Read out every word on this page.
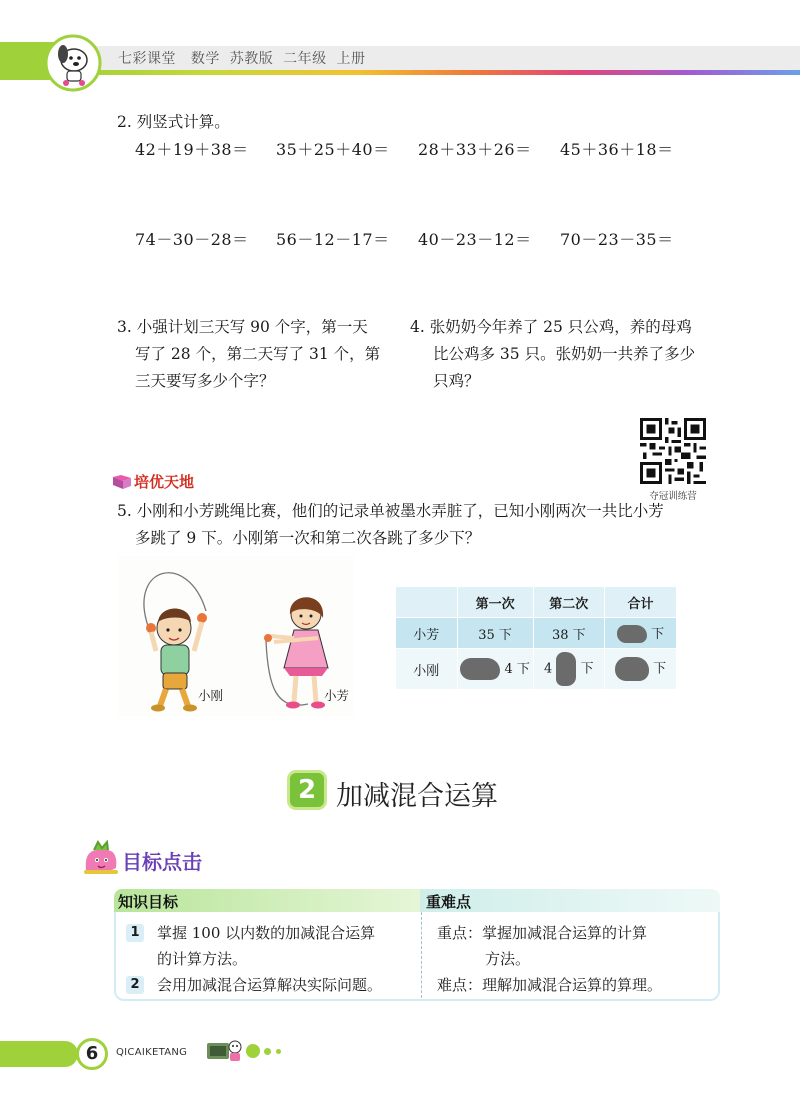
七彩课堂   数学  苏教版  二年级  上册
2. 列竖式计算。
42＋19＋38＝ 35＋25＋40＝ 28＋33＋26＝ 45＋36＋18＝
74－30－28＝ 56－12－17＝ 40－23－12＝ 70－23－35＝
3. 小强计划三天写 90 个字，第一天
写了 28 个，第二天写了 31 个，第
三天要写多少个字？
4. 张奶奶今年养了 25 只公鸡，养的母鸡
比公鸡多 35 只。张奶奶一共养了多少
只鸡？
夺冠训练营
培优天地
5. 小刚和小芳跳绳比赛，他们的记录单被墨水弄脏了，已知小刚两次一共比小芳
多跳了 9 下。小刚第一次和第二次各跳了多少下？
小刚	小芳
	第一次	第二次	合计
小芳	35 下	38 下	下
小刚	4 下	4 下	下
2 加减混合运算
目标点击
知识目标	重难点
1 掌握 100 以内数的加减混合运算
的计算方法。
2 会用加减混合运算解决实际问题。
重点：掌握加减混合运算的计算
方法。
难点：理解加减混合运算的算理。
6	QICAIKETANG
